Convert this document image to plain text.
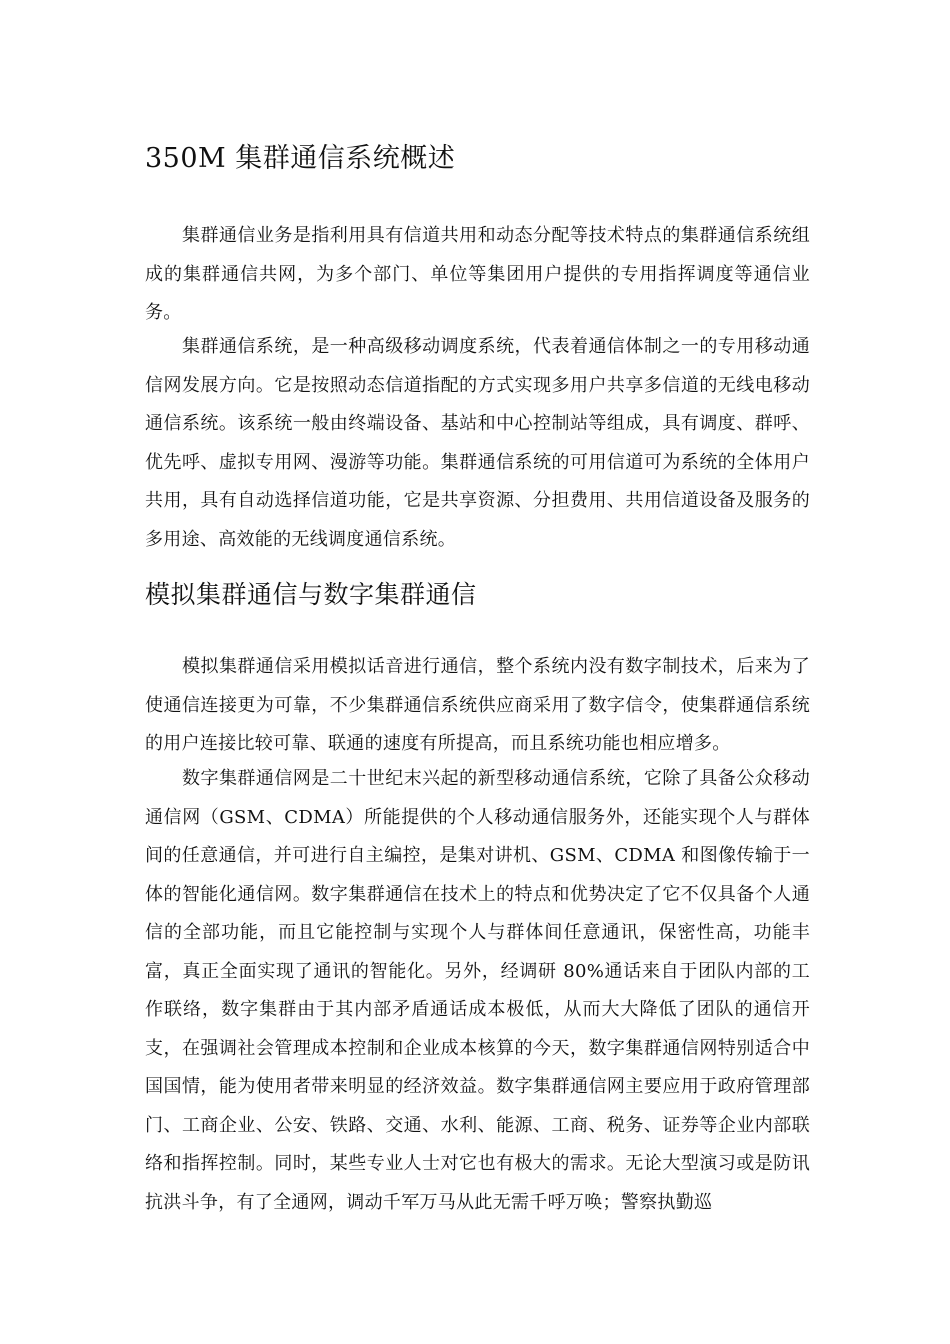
350M 集群通信系统概述

集群通信业务是指利用具有信道共用和动态分配等技术特点的集群通信系统组成的集群通信共网，为多个部门、单位等集团用户提供的专用指挥调度等通信业务。

集群通信系统，是一种高级移动调度系统，代表着通信体制之一的专用移动通信网发展方向。它是按照动态信道指配的方式实现多用户共享多信道的无线电移动通信系统。该系统一般由终端设备、基站和中心控制站等组成，具有调度、群呼、优先呼、虚拟专用网、漫游等功能。集群通信系统的可用信道可为系统的全体用户共用，具有自动选择信道功能，它是共享资源、分担费用、共用信道设备及服务的多用途、高效能的无线调度通信系统。

模拟集群通信与数字集群通信

模拟集群通信采用模拟话音进行通信，整个系统内没有数字制技术，后来为了使通信连接更为可靠，不少集群通信系统供应商采用了数字信令，使集群通信系统的用户连接比较可靠、联通的速度有所提高，而且系统功能也相应增多。

数字集群通信网是二十世纪末兴起的新型移动通信系统，它除了具备公众移动通信网（GSM、CDMA）所能提供的个人移动通信服务外，还能实现个人与群体间的任意通信，并可进行自主编控，是集对讲机、GSM、CDMA 和图像传输于一体的智能化通信网。数字集群通信在技术上的特点和优势决定了它不仅具备个人通信的全部功能，而且它能控制与实现个人与群体间任意通讯，保密性高，功能丰富，真正全面实现了通讯的智能化。另外，经调研 80%通话来自于团队内部的工作联络，数字集群由于其内部矛盾通话成本极低，从而大大降低了团队的通信开支，在强调社会管理成本控制和企业成本核算的今天，数字集群通信网特别适合中国国情，能为使用者带来明显的经济效益。数字集群通信网主要应用于政府管理部门、工商企业、公安、铁路、交通、水利、能源、工商、税务、证券等企业内部联络和指挥控制。同时，某些专业人士对它也有极大的需求。无论大型演习或是防讯抗洪斗争，有了全通网，调动千军万马从此无需千呼万唤；警察执勤巡
